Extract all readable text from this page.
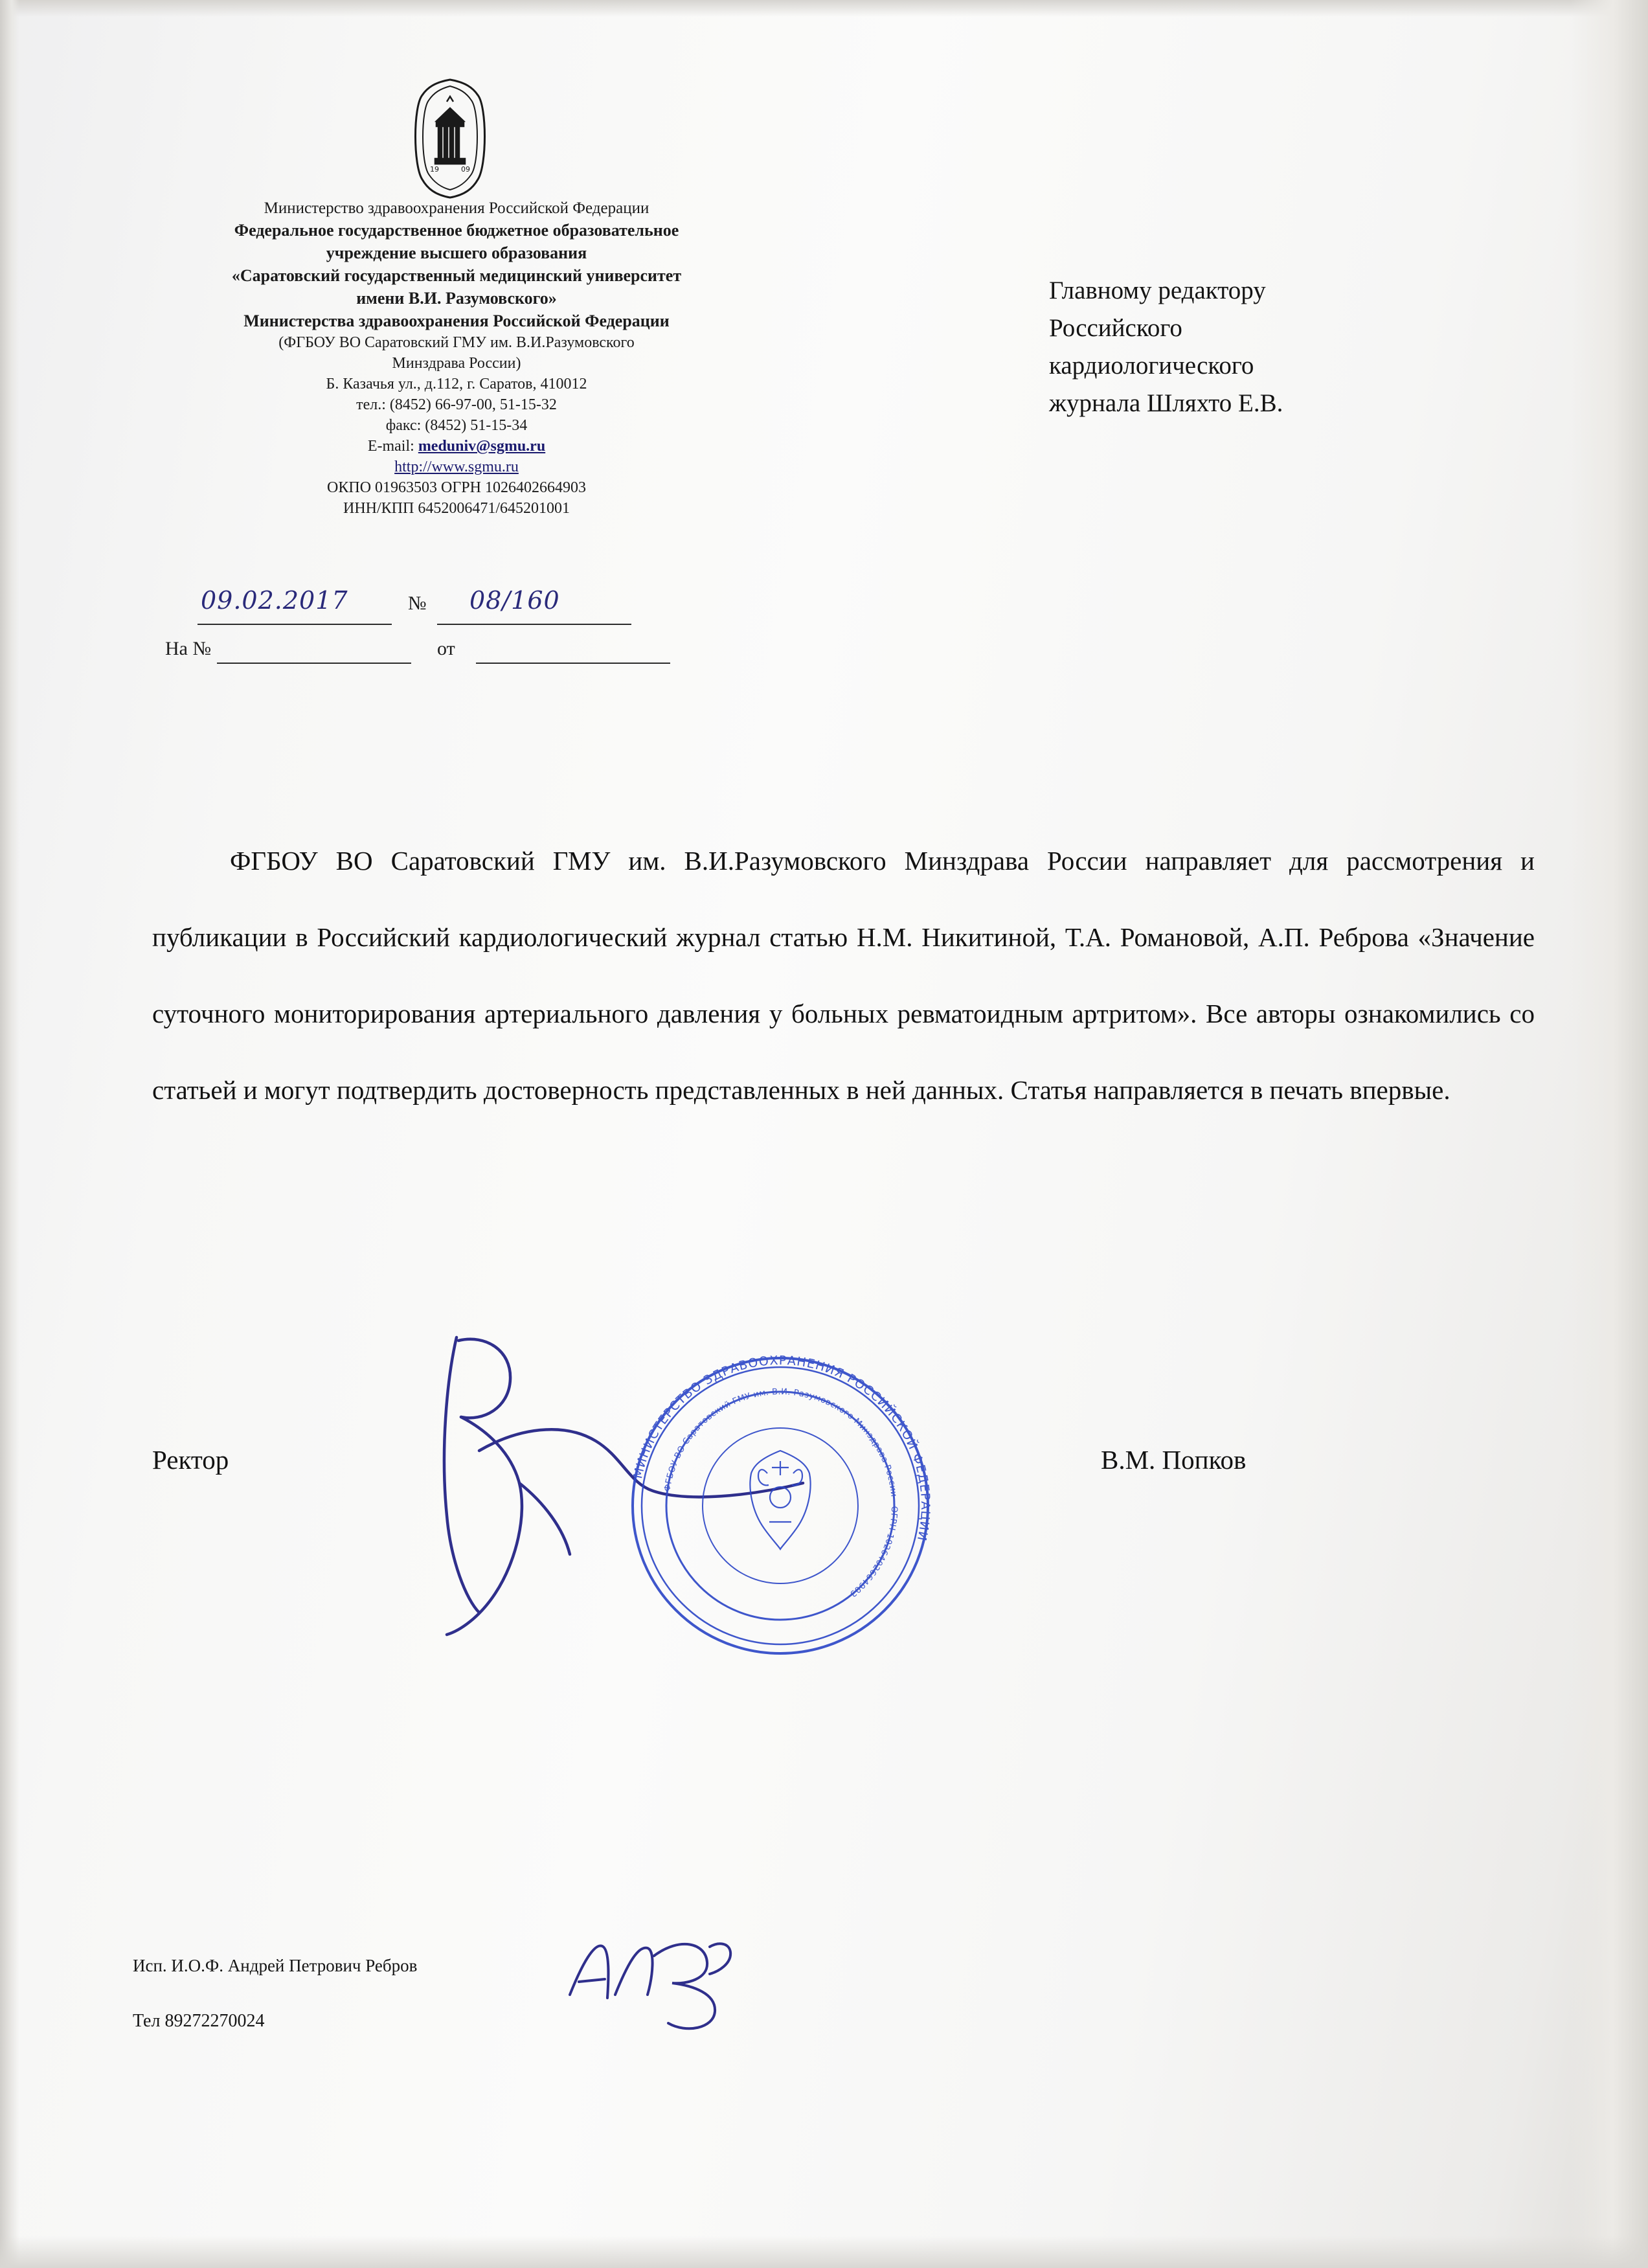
19	09
Министерство здравоохранения Российской Федерации
Федеральное государственное бюджетное образовательное
учреждение высшего образования
«Саратовский государственный медицинский университет
имени В.И. Разумовского»
Министерства здравоохранения Российской Федерации
(ФГБОУ ВО Саратовский ГМУ им. В.И.Разумовского
Минздрава России)
Б. Казачья ул., д.112, г. Саратов, 410012
тел.: (8452) 66-97-00, 51-15-32
факс: (8452) 51-15-34
E-mail: meduniv@sgmu.ru
http://www.sgmu.ru
ОКПО 01963503 ОГРН 1026402664903
ИНН/КПП 6452006471/645201001
09.02.2017	№ 08/160
На №	от
Главному редактору
Российского
кардиологического
журнала Шляхто Е.В.

ФГБОУ ВО Саратовский ГМУ им. В.И.Разумовского Минздрава России направляет для рассмотрения и публикации в Российский кардиологический журнал статью Н.М. Никитиной, Т.А. Романовой, А.П. Реброва «Значение суточного мониторирования артериального давления у больных ревматоидным артритом». Все авторы ознакомились со статьей и могут подтвердить достоверность представленных в ней данных. Статья направляется в печать впервые.

Ректор	В.М. Попков
МИНИСТЕРСТВО ЗДРАВООХРАНЕНИЯ РОССИЙСКОЙ ФЕДЕРАЦИИ
ФГБОУ ВО Саратовский ГМУ им. В.И. Разумовского Минздрава России · ОГРН 1026402664903 ·
Исп. И.О.Ф. Андрей Петрович Ребров
Тел 89272270024
